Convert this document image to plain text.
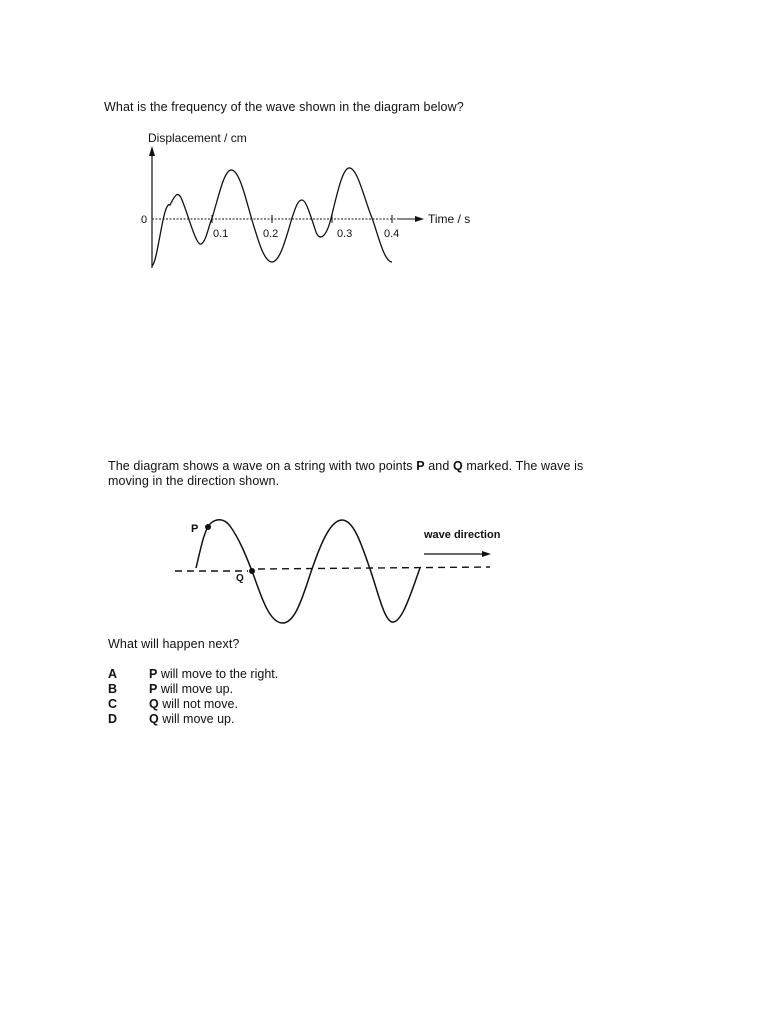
What is the frequency of the wave shown in the diagram below?
Displacement / cm
0	Time / s
0.1	0.2	0.3	0.4
The diagram shows a wave on a string with two points P and Q marked. The wave is moving in the direction shown.
P
Q
wave direction
What will happen next?
A	P will move to the right.
B	P will move up.
C	Q will not move.
D	Q will move up.
